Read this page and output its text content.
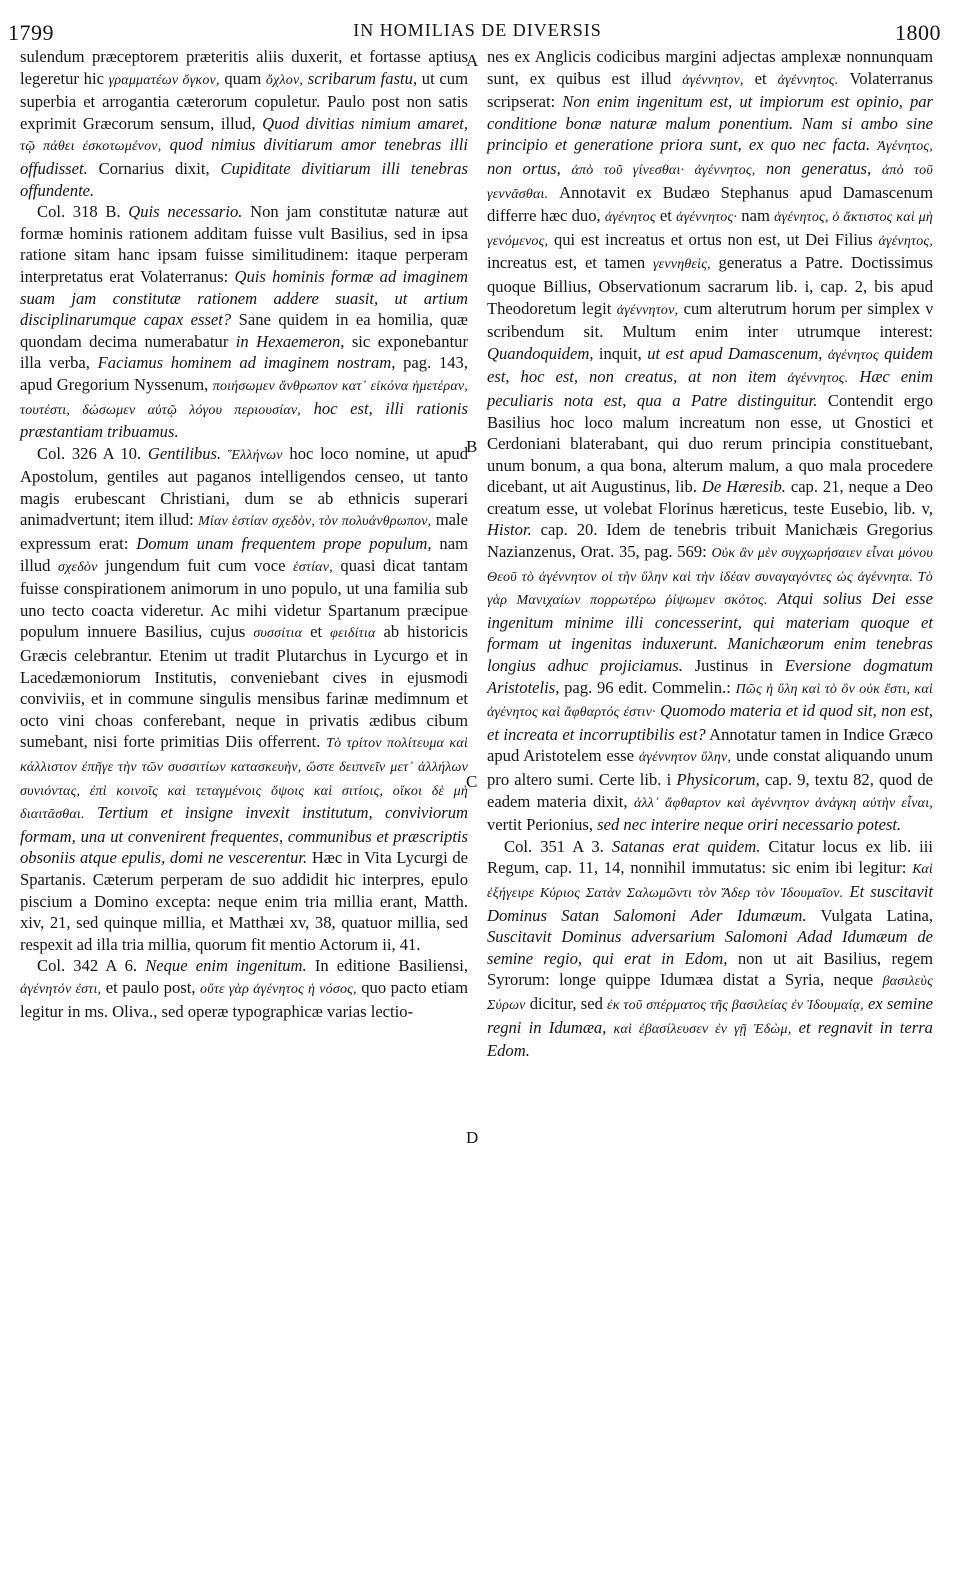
1799	IN HOMILIAS DE DIVERSIS	1800

sulendum præceptorem præteritis aliis duxerit, et fortasse aptius legeretur hic γραμματέων ὄγκον, quam ὄχλον, scribarum fastu, ut cum superbia et arrogantia cæterorum copuletur. Paulo post non satis exprimit Græcorum sensum, illud, Quod divitias nimium amaret, τῷ πάθει ἐσκοτωμένον, quod nimius divitiarum amor tenebras illi offudisset. Cornarius dixit, Cupiditate divitiarum illi tenebras offundente.

Col. 318 B. Quis necessario. Non jam constitutæ naturæ aut formæ hominis rationem additam fuisse vult Basilius, sed in ipsa ratione sitam hanc ipsam fuisse similitudinem: itaque perperam interpretatus erat Volaterranus: Quis hominis formæ ad imaginem suam jam constitutæ rationem addere suasit, ut artium disciplinarumque capax esset? Sane quidem in ea homilia, quæ quondam decima numerabatur in Hexaemeron, sic exponebantur illa verba, Faciamus hominem ad imaginem nostram, pag. 143, apud Gregorium Nyssenum, ποιήσωμεν ἄνθρωπον κατ᾽ εἰκόνα ἡμετέραν, τουτέστι, δώσωμεν αὐτῷ λόγου περιουσίαν, hoc est, illi rationis præstantiam tribuamus.

Col. 326 A 10. Gentilibus. Ἕλλήνων hoc loco nomine, ut apud Apostolum, gentiles aut paganos intelligendos censeo, ut tanto magis erubescant Christiani, dum se ab ethnicis superari animadvertunt; item illud: Μίαν ἑστίαν σχεδὸν, τὸν πολυάνθρωπον, male expressum erat: Domum unam frequentem prope populum, nam illud σχεδὸν jungendum fuit cum voce ἑστίαν, quasi dicat tantam fuisse conspirationem animorum in uno populo, ut una familia sub uno tecto coacta videretur. Ac mihi videtur Spartanum præcipue populum innuere Basilius, cujus συσσίτια et φειδίτια ab historicis Græcis celebrantur. Etenim ut tradit Plutarchus in Lycurgo et in Lacedæmoniorum Institutis, conveniebant cives in ejusmodi conviviis, et in commune singulis mensibus farinæ medimnum et octo vini choas conferebant, neque in privatis ædibus cibum sumebant, nisi forte primitias Diis offerrent. Τὸ τρίτον πολίτευμα καὶ κάλλιστον ἐπῆγε τὴν τῶν συσσιτίων κατασκευὴν, ὥστε δειπνεῖν μετ᾽ ἀλλήλων συνιόντας, ἐπὶ κοινοῖς καὶ τεταγμένοις ὄψοις καὶ σιτίοις, οἴκοι δὲ μὴ διαιτᾶσθαι. Tertium et insigne invexit institutum, conviviorum formam, una ut convenirent frequentes, communibus et præscriptis obsoniis atque epulis, domi ne vescerentur. Hæc in Vita Lycurgi de Spartanis. Cæterum perperam de suo addidit hic interpres, epulo piscium a Domino excepta: neque enim tria millia erant, Matth. xiv, 21, sed quinque millia, et Matthæi xv, 38, quatuor millia, sed respexit ad illa tria millia, quorum fit mentio Actorum ii, 41.

Col. 342 A 6. Neque enim ingenitum. In editione Basiliensi, ἀγένητόν ἐστι, et paulo post, οὔτε γὰρ ἀγένητος ἡ νόσος, quo pacto etiam legitur in ms. Oliva., sed operæ typographicæ varias lectio-

nes ex Anglicis codicibus margini adjectas amplexæ nonnunquam sunt, ex quibus est illud ἀγέννητον, et ἀγέννητος. Volaterranus scripserat: Non enim ingenitum est, ut impiorum est opinio, par conditione bonæ naturæ malum ponentium. Nam si ambo sine principio et generatione priora sunt, ex quo nec facta. Ἀγένητος, non ortus, ἀπὸ τοῦ γίνεσθαι· ἀγέννητος, non generatus, ἀπὸ τοῦ γεννᾶσθαι. Annotavit ex Budæo Stephanus apud Damascenum differre hæc duo, ἀγένητος et ἀγέννητος· nam ἀγένητος, ὁ ἄκτιστος καὶ μὴ γενόμενος, qui est increatus et ortus non est, ut Dei Filius ἀγένητος, increatus est, et tamen γεννηθεὶς, generatus a Patre. Doctissimus quoque Billius, Observationum sacrarum lib. i, cap. 2, bis apud Theodoretum legit ἀγέννητον, cum alterutrum horum per simplex ν scribendum sit. Multum enim inter utrumque interest: Quandoquidem, inquit, ut est apud Damascenum, ἀγένητος quidem est, hoc est, non creatus, at non item ἀγέννητος. Hæc enim peculiaris nota est, qua a Patre distinguitur. Contendit ergo Basilius hoc loco malum increatum non esse, ut Gnostici et Cerdoniani blaterabant, qui duo rerum principia constituebant, unum bonum, a qua bona, alterum malum, a quo mala procedere dicebant, ut ait Augustinus, lib. De Hæresib. cap. 21, neque a Deo creatum esse, ut volebat Florinus hæreticus, teste Eusebio, lib. v, Histor. cap. 20. Idem de tenebris tribuit Manichæis Gregorius Nazianzenus, Orat. 35, pag. 569: Οὐκ ἂν μὲν συγχωρήσαιεν εἶναι μόνου Θεοῦ τὸ ἀγέννητον οἱ τὴν ὕλην καὶ τὴν ἰδέαν συναγαγόντες ὡς ἀγέννητα. Τὸ γὰρ Μανιχαίων πορρωτέρω ῥίψωμεν σκότος. Atqui solius Dei esse ingenitum minime illi concesserint, qui materiam quoque et formam ut ingenitas induxerunt. Manichæorum enim tenebras longius adhuc projiciamus. Justinus in Eversione dogmatum Aristotelis, pag. 96 edit. Commelin.: Πῶς ἡ ὕλη καὶ τὸ ὂν οὐκ ἔστι, καὶ ἀγένητος καὶ ἄφθαρτός ἐστιν· Quomodo materia et id quod sit, non est, et increata et incorruptibilis est? Annotatur tamen in Indice Græco apud Aristotelem esse ἀγέννητον ὕλην, unde constat aliquando unum pro altero sumi. Certe lib. i Physicorum, cap. 9, textu 82, quod de eadem materia dixit, ἀλλ᾽ ἄφθαρτον καὶ ἀγέννητον ἀνάγκη αὐτὴν εἶναι, vertit Perionius, sed nec interire neque oriri necessario potest.

Col. 351 A 3. Satanas erat quidem. Citatur locus ex lib. iii Regum, cap. 11, 14, nonnihil immutatus: sic enim ibi legitur: Καὶ ἐξήγειρε Κύριος Σατὰν Σαλωμῶντι τὸν Ἄδερ τὸν Ἰδουμαῖον. Et suscitavit Dominus Satan Salomoni Ader Idumæum. Vulgata Latina, Suscitavit Dominus adversarium Salomoni Adad Idumæum de semine regio, qui erat in Edom, non ut ait Basilius, regem Syrorum: longe quippe Idumæa distat a Syria, neque βασιλεὺς Σύρων dicitur, sed ἐκ τοῦ σπέρματος τῆς βασιλείας ἐν Ἰδουμαίᾳ, ex semine regni in Idumæa, καὶ ἐβασίλευσεν ἐν γῇ Ἐδὼμ, et regnavit in terra Edom.

A
B
C
D
